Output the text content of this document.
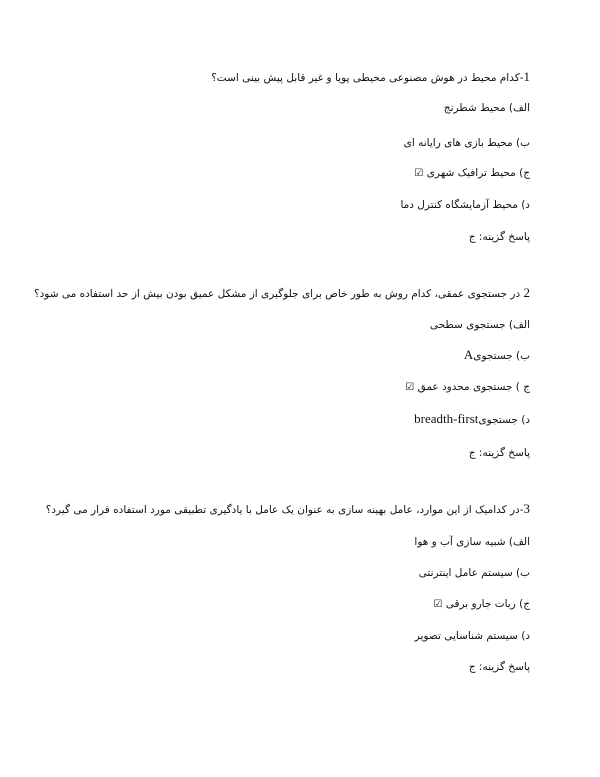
1-کدام محیط در هوش مصنوعی محیطی پویا و غیر قابل پیش بینی است؟
الف) محیط شطرنج
ب) محیط بازی های رایانه ای
ج) محیط ترافیک شهری ☑
د) محیط آزمایشگاه کنترل دما
پاسخ گزینه: ج
2 در جستجوی عمقی، کدام روش به طور خاص برای جلوگیری از مشکل عمیق بودن بیش از حد استفاده می شود؟
الف) جستجوی سطحی
ب) جستجویA
ج ) جستجوی محدود عمق ☑
د) جستجویbreadth-first
پاسخ گزینه: ج
3-در کدامیک از این موارد، عامل بهینه سازی به عنوان یک عامل با یادگیری تطبیقی مورد استفاده قرار می گیرد؟
الف) شبیه سازی آب و هوا
ب) سیستم عامل اینترنتی
ج) ربات جارو برقی ☑
د) سیستم شناسایی تصویر
پاسخ گزینه: ج
